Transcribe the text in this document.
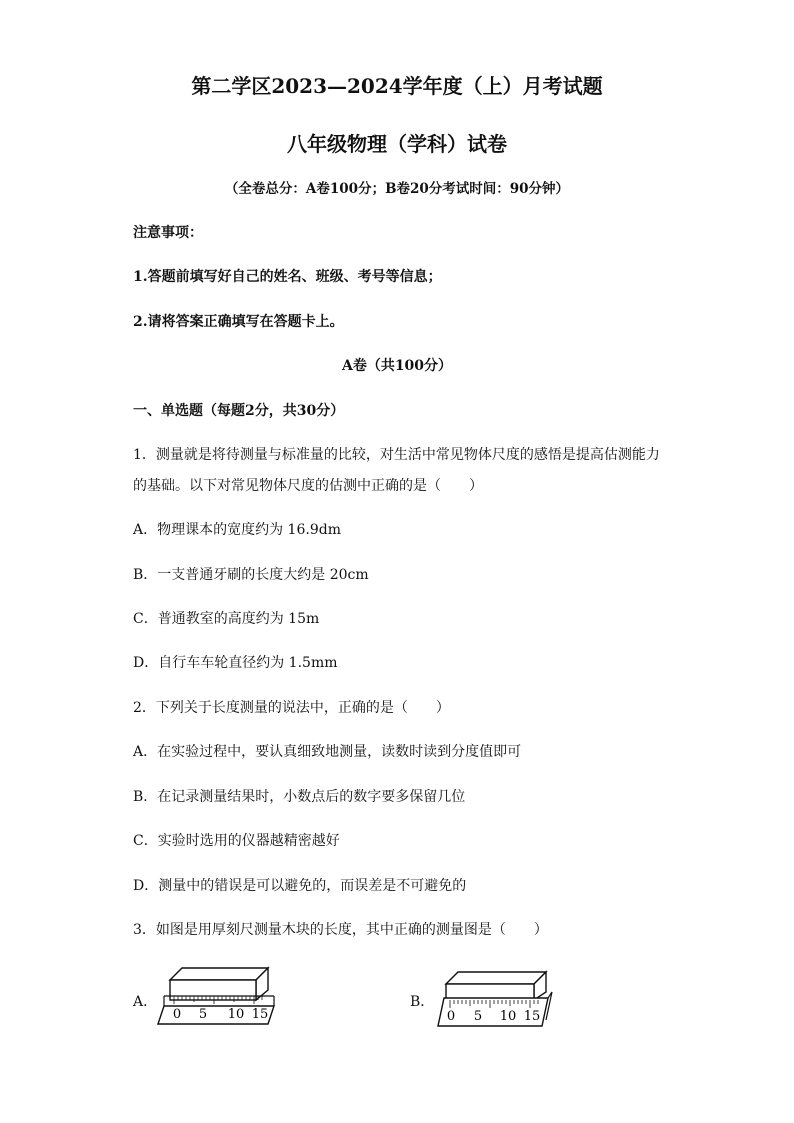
第二学区2023—2024学年度（上）月考试题
八年级物理（学科）试卷
（全卷总分：A卷100分；B卷20分考试时间：90分钟）
注意事项：
1.答题前填写好自己的姓名、班级、考号等信息；
2.请将答案正确填写在答题卡上。
A卷（共100分）
一、单选题（每题2分，共30分）
1．测量就是将待测量与标准量的比较，对生活中常见物体尺度的感悟是提高估测能力
的基础。以下对常见物体尺度的估测中正确的是（　　）
A．物理课本的宽度约为 16.9dm
B．一支普通牙刷的长度大约是 20cm
C．普通教室的高度约为 15m
D．自行车车轮直径约为 1.5mm
2．下列关于长度测量的说法中，正确的是（　　）
A．在实验过程中，要认真细致地测量，读数时读到分度值即可
B．在记录测量结果时，小数点后的数字要多保留几位
C．实验时选用的仪器越精密越好
D．测量中的错误是可以避免的，而误差是不可避免的
3．如图是用厚刻尺测量木块的长度，其中正确的测量图是（　　）
A．
0 5 10 15
B．
0 5 10 15
